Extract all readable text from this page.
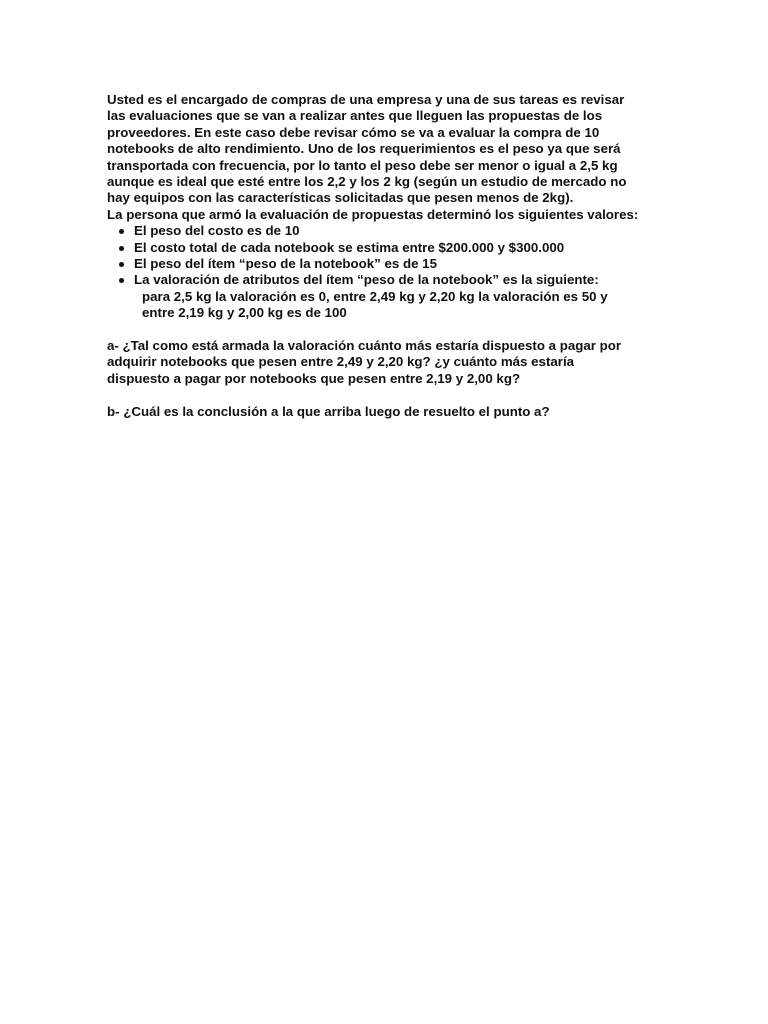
Usted es el encargado de compras de una empresa y una de sus tareas es revisar

las evaluaciones que se van a realizar antes que lleguen las propuestas de los

proveedores. En este caso debe revisar cómo se va a evaluar la compra de 10

notebooks de alto rendimiento. Uno de los requerimientos es el peso ya que será

transportada con frecuencia, por lo tanto el peso debe ser menor o igual a 2,5 kg

aunque es ideal que esté entre los 2,2 y los 2 kg (según un estudio de mercado no

hay equipos con las características solicitadas que pesen menos de 2kg).

La persona que armó la evaluación de propuestas determinó los siguientes valores:

El peso del costo es de 10
El costo total de cada notebook se estima entre $200.000 y $300.000
El peso del ítem “peso de la notebook” es de 15
La valoración de atributos del ítem “peso de la notebook” es la siguiente:
para 2,5 kg la valoración es 0, entre 2,49 kg y 2,20 kg la valoración es 50 y
entre 2,19 kg y 2,00 kg es de 100

a- ¿Tal como está armada la valoración cuánto más estaría dispuesto a pagar por

adquirir notebooks que pesen entre 2,49 y 2,20 kg? ¿y cuánto más estaría

dispuesto a pagar por notebooks que pesen entre 2,19 y 2,00 kg?

b- ¿Cuál es la conclusión a la que arriba luego de resuelto el punto a?
